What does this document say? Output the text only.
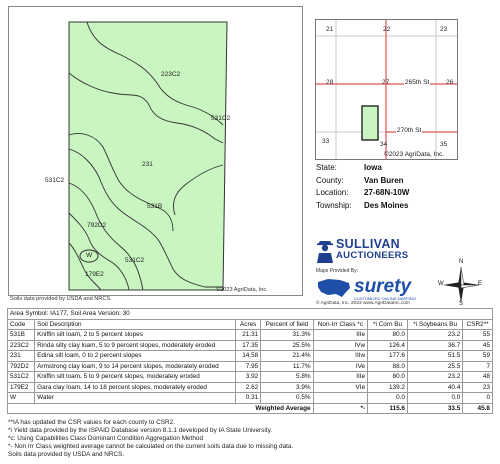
223C2
531C2
231
531C2
531B
792D2
531C2
179E2
W
©2023 AgriData, Inc.
Soils data provided by USDA and NRCS.
21	22	23
28	27	26
33	34	35
265th St
270th St
©2023 AgriData, Inc.
State:	Iowa
County:	Van Buren
Location:	27-68N-10W
Township:	Des Moines
SULLIVAN
AUCTIONEERS
Maps Provided By:
surety
CUSTOMIZED ONLINE MAPPING
© AgriData, Inc. 2023 www.AgriDataInc.com
N
E
S
W
Area Symbol: IA177, Soil Area Version: 30							
Code	Soil Description	Acres	Percent of field	Non-Irr Class *c	*i Corn Bu	*i Soybeans Bu	CSR2**
531B	Kniffin silt loam, 2 to 5 percent slopes	21.31	31.3%	IIIe	80.0	23.2	55
223C2	Rinda silty clay loam, 5 to 9 percent slopes, moderately eroded	17.35	25.5%	IVw	126.4	36.7	45
231	Edina silt loam, 0 to 2 percent slopes	14.58	21.4%	IIIw	177.6	51.5	59
792D2	Armstrong clay loam, 9 to 14 percent slopes, moderately eroded	7.95	11.7%	IVe	88.0	25.5	7
531C2	Kniffin silt loam, 5 to 9 percent slopes, moderately eroded	3.92	5.8%	IIIe	80.0	23.2	48
179E2	Gara clay loam, 14 to 18 percent slopes, moderately eroded	2.62	3.9%	VIe	139.2	40.4	23
W	Water	0.31	0.5%		0.0	0.0	0
Weighted Average				*-	115.6	33.5	45.8
**IA has updated the CSR values for each county to CSR2.
*i Yield data provided by the ISPAID Database version 8.1.1 developed by IA State University.
*c: Using Capabilities Class Dominant Condition Aggregation Method
*- Non Irr Class weighted average cannot be calculated on the current soils data due to missing data.
Soils data provided by USDA and NRCS.
